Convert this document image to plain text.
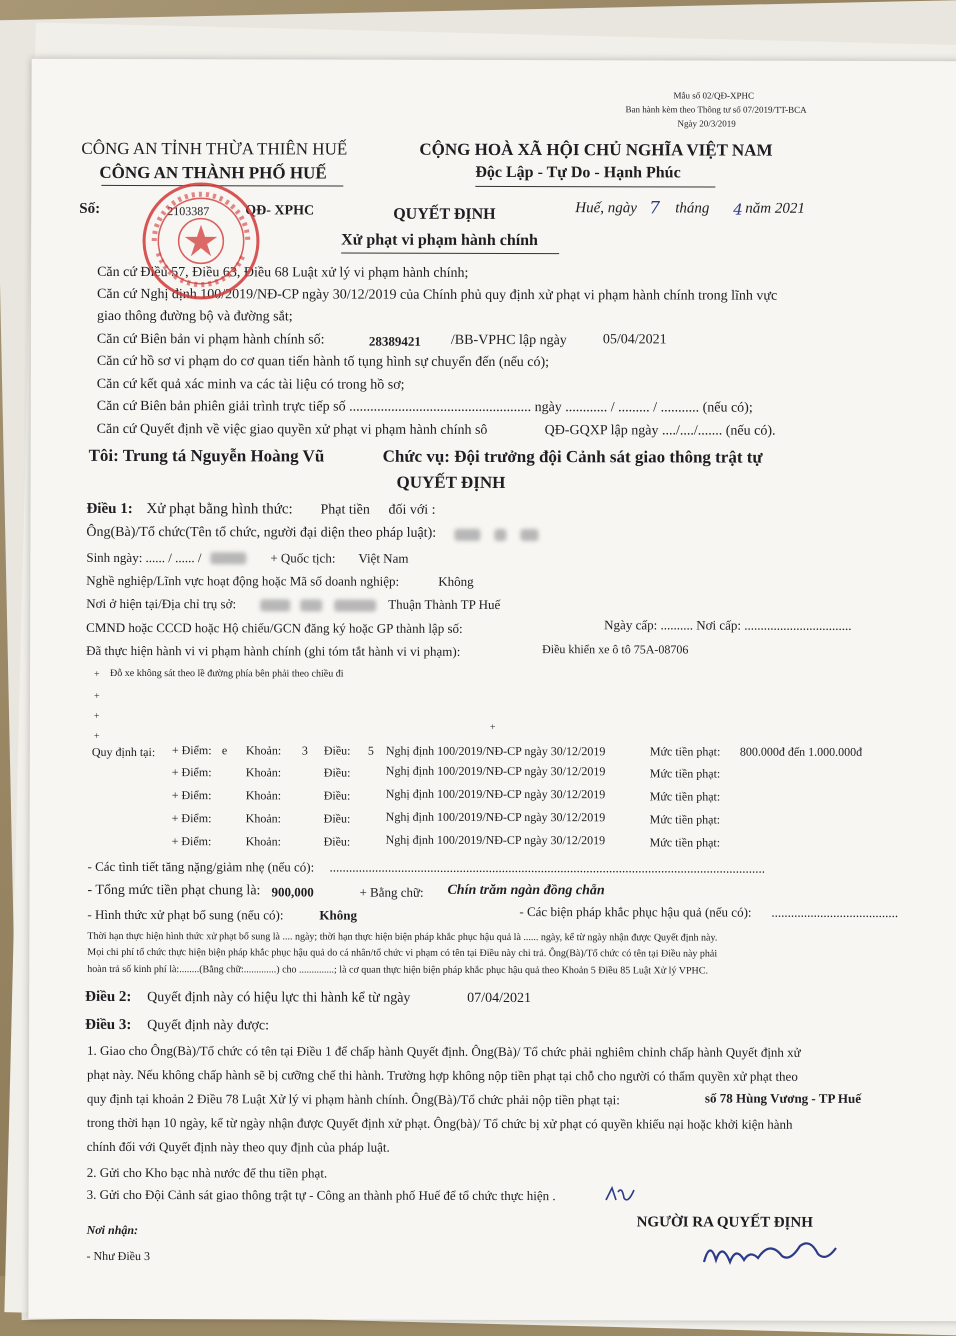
Mẫu số 02/QĐ-XPHC
Ban hành kèm theo Thông tư số 07/2019/TT-BCA
Ngày 20/3/2019
CÔNG AN TỈNH THỪA THIÊN HUẾ
CÔNG AN THÀNH PHỐ HUẾ
CỘNG HOÀ XÃ HỘI CHỦ NGHĨA VIỆT NAM
Độc Lập - Tự Do - Hạnh Phúc
Số:	2103387	QĐ- XPHC	QUYẾT ĐỊNH	Huế, ngày 7 tháng 4 năm 2021
Xử phạt vi phạm hành chính
Căn cứ Điều 57, Điều 63, Điều 68 Luật xử lý vi phạm hành chính;
Căn cứ Nghị định 100/2019/NĐ-CP ngày 30/12/2019 của Chính phủ quy định xử phạt vi phạm hành chính trong lĩnh vực
giao thông đường bộ và đường sắt;
Căn cứ Biên bản vi phạm hành chính số:	28389421 /BB-VPHC lập ngày	05/04/2021
Căn cứ hồ sơ vi phạm do cơ quan tiến hành tố tụng hình sự chuyển đến (nếu có);
Căn cứ kết quả xác minh va các tài liệu có trong hồ sơ;
Căn cứ Biên bản phiên giải trình trực tiếp số .................................................... ngày ............ / ......... / ........... (nếu có);
Căn cứ Quyết định về việc giao quyền xử phạt vi phạm hành chính sô	QĐ-GQXP lập ngày ..../..../....... (nếu có).
Tôi: Trung tá Nguyễn Hoàng Vũ	Chức vụ: Đội trưởng đội Cảnh sát giao thông trật tự
QUYẾT ĐỊNH
Điều 1: Xử phạt bằng hình thức: Phạt tiền đối với :
Ông(Bà)/Tổ chức(Tên tổ chức, người đại diện theo pháp luật):
Sinh ngày: ...... / ...... /	+ Quốc tịch: Việt Nam
Nghề nghiệp/Lĩnh vực hoạt động hoặc Mã số doanh nghiệp:	Không
Nơi ở hiện tại/Địa chỉ trụ sở:	Thuận Thành TP Huế
CMND hoặc CCCD hoặc Hộ chiếu/GCN đăng ký hoặc GP thành lập số:	Ngày cấp: .......... Nơi cấp: .................................
Đã thực hiện hành vi vi phạm hành chính (ghi tóm tắt hành vi vi phạm):	Điều khiển xe ô tô 75A-08706
+ Đỗ xe không sát theo lề đường phía bên phải theo chiều đi
+
+
+
+
Quy định tại: + Điểm: e Khoản: 3 Điều: 5 Nghị định 100/2019/NĐ-CP ngày 30/12/2019	Mức tiền phạt: 800.000đ đến 1.000.000đ
+ Điểm:	Khoản:	Điều:	Nghị định 100/2019/NĐ-CP ngày 30/12/2019	Mức tiền phạt:
+ Điểm:	Khoản:	Điều:	Nghị định 100/2019/NĐ-CP ngày 30/12/2019	Mức tiền phạt:
+ Điểm:	Khoản:	Điều:	Nghị định 100/2019/NĐ-CP ngày 30/12/2019	Mức tiền phạt:
+ Điểm:	Khoản:	Điều:	Nghị định 100/2019/NĐ-CP ngày 30/12/2019	Mức tiền phạt:
- Các tình tiết tăng nặng/giảm nhẹ (nếu có): ......................................................................................................................................
- Tổng mức tiền phạt chung là: 900,000	+ Bằng chữ: Chín trăm ngàn đồng chẵn
- Hình thức xử phạt bổ sung (nếu có):	Không	- Các biện pháp khắc phục hậu quả (nếu có): .......................................
Thời hạn thực hiện hình thức xử phạt bổ sung là .... ngày; thời hạn thực hiện biện pháp khắc phục hậu quả là ...... ngày, kể từ ngày nhận được Quyết định này.
Mọi chi phí tổ chức thực hiện biện pháp khắc phục hậu quả do cá nhân/tổ chức vi phạm có tên tại Điều này chi trả. Ông(Bà)/Tổ chức có tên tại Điều này phải
hoàn trả số kinh phí là:........(Bằng chữ:.............) cho ..............; là cơ quan thực hiện biện pháp khắc phục hậu quả theo Khoản 5 Điều 85 Luật Xử lý VPHC.
Điều 2: Quyết định này có hiệu lực thi hành kể từ ngày	07/04/2021
Điều 3: Quyết định này được:
1. Giao cho Ông(Bà)/Tổ chức có tên tại Điều 1 để chấp hành Quyết định. Ông(Bà)/ Tổ chức phải nghiêm chỉnh chấp hành Quyết định xử
phạt này. Nếu không chấp hành sẽ bị cưỡng chế thi hành. Trường hợp không nộp tiền phạt tại chỗ cho người có thẩm quyền xử phạt theo
quy định tại khoản 2 Điều 78 Luật Xử lý vi phạm hành chính. Ông(Bà)/Tổ chức phải nộp tiền phạt tại:	số 78 Hùng Vương - TP Huế
trong thời hạn 10 ngày, kể từ ngày nhận được Quyết định xử phạt. Ông(bà)/ Tổ chức bị xử phạt có quyền khiếu nại hoặc khởi kiện hành
chính đối với Quyết định này theo quy định của pháp luật.
2. Gửi cho Kho bạc nhà nước để thu tiền phạt.
3. Gửi cho Đội Cảnh sát giao thông trật tự - Công an thành phố Huế để tổ chức thực hiện .
Nơi nhận:
- Như Điều 3
NGƯỜI RA QUYẾT ĐỊNH
